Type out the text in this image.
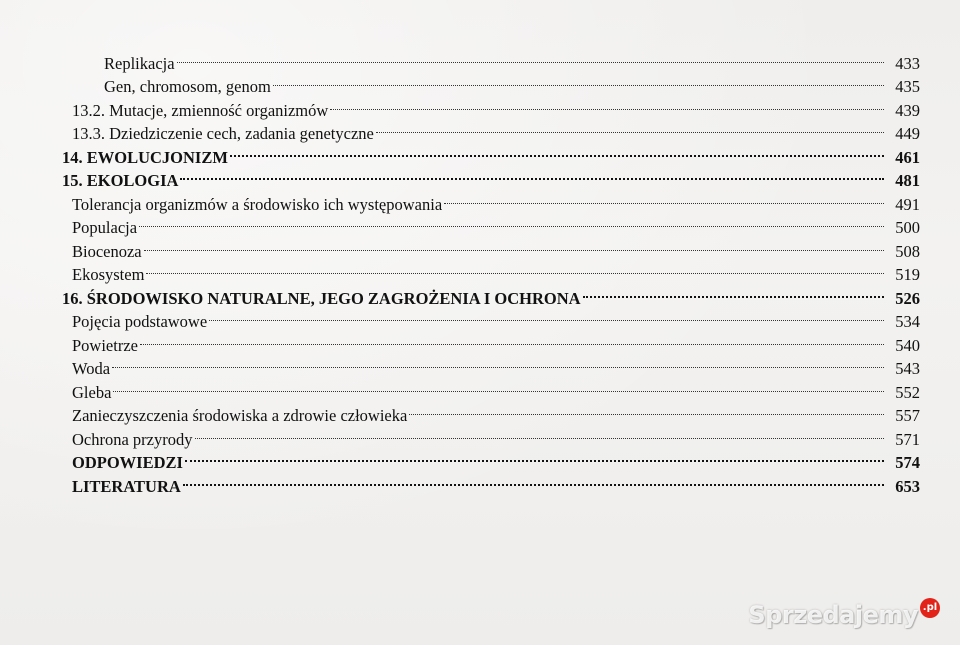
Replikacja	433
Gen, chromosom, genom	435
13.2. Mutacje, zmienność organizmów	439
13.3. Dziedziczenie cech, zadania genetyczne	449
14. EWOLUCJONIZM	461
15. EKOLOGIA	481
Tolerancja organizmów a środowisko ich występowania	491
Populacja	500
Biocenoza	508
Ekosystem	519
16. ŚRODOWISKO NATURALNE, JEGO ZAGROŻENIA I OCHRONA	526
Pojęcia podstawowe	534
Powietrze	540
Woda	543
Gleba	552
Zanieczyszczenia środowiska a zdrowie człowieka	557
Ochrona przyrody	571
ODPOWIEDZI	574
LITERATURA	653
Sprzedajemy .pl
